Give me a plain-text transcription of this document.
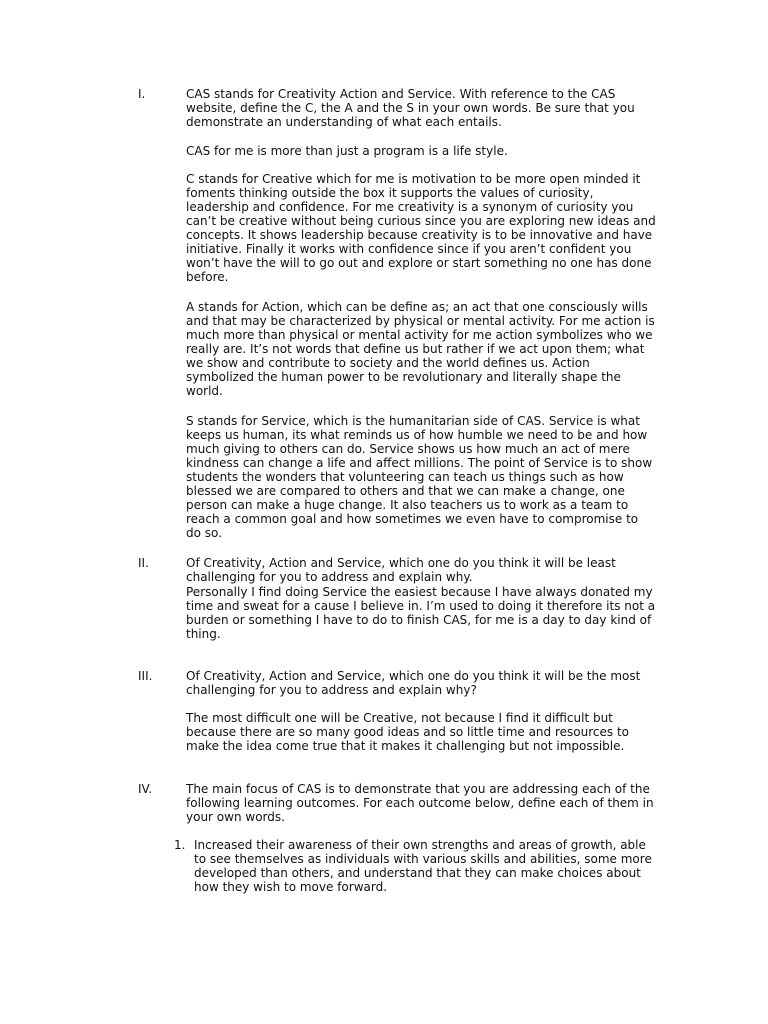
I.	CAS stands for Creativity Action and Service. With reference to the CAS website, define the C, the A and the S in your own words. Be sure that you demonstrate an understanding of what each entails.

CAS for me is more than just a program is a life style.

C stands for Creative which for me is motivation to be more open minded it foments thinking outside the box it supports the values of curiosity, leadership and confidence. For me creativity is a synonym of curiosity you can’t be creative without being curious since you are exploring new ideas and concepts. It shows leadership because creativity is to be innovative and have initiative. Finally it works with confidence since if you aren’t confident you won’t have the will to go out and explore or start something no one has done before.

A stands for Action, which can be define as; an act that one consciously wills and that may be characterized by physical or mental activity. For me action is much more than physical or mental activity for me action symbolizes who we really are. It’s not words that define us but rather if we act upon them; what we show and contribute to society and the world defines us. Action symbolized the human power to be revolutionary and literally shape the world.

S stands for Service, which is the humanitarian side of CAS. Service is what keeps us human, its what reminds us of how humble we need to be and how much giving to others can do. Service shows us how much an act of mere kindness can change a life and affect millions. The point of Service is to show students the wonders that volunteering can teach us things such as how blessed we are compared to others and that we can make a change, one person can make a huge change. It also teachers us to work as a team to reach a common goal and how sometimes we even have to compromise to do so.

II.	Of Creativity, Action and Service, which one do you think it will be least challenging for you to address and explain why.

Personally I find doing Service the easiest because I have always donated my time and sweat for a cause I believe in. I’m used to doing it therefore its not a burden or something I have to do to finish CAS, for me is a day to day kind of thing.

III.	Of Creativity, Action and Service, which one do you think it will be the most challenging for you to address and explain why?

The most difficult one will be Creative, not because I find it difficult but because there are so many good ideas and so little time and resources to make the idea come true that it makes it challenging but not impossible.

IV.	The main focus of CAS is to demonstrate that you are addressing each of the following learning outcomes. For each outcome below, define each of them in your own words.

1. Increased their awareness of their own strengths and areas of growth, able to see themselves as individuals with various skills and abilities, some more developed than others, and understand that they can make choices about how they wish to move forward.
